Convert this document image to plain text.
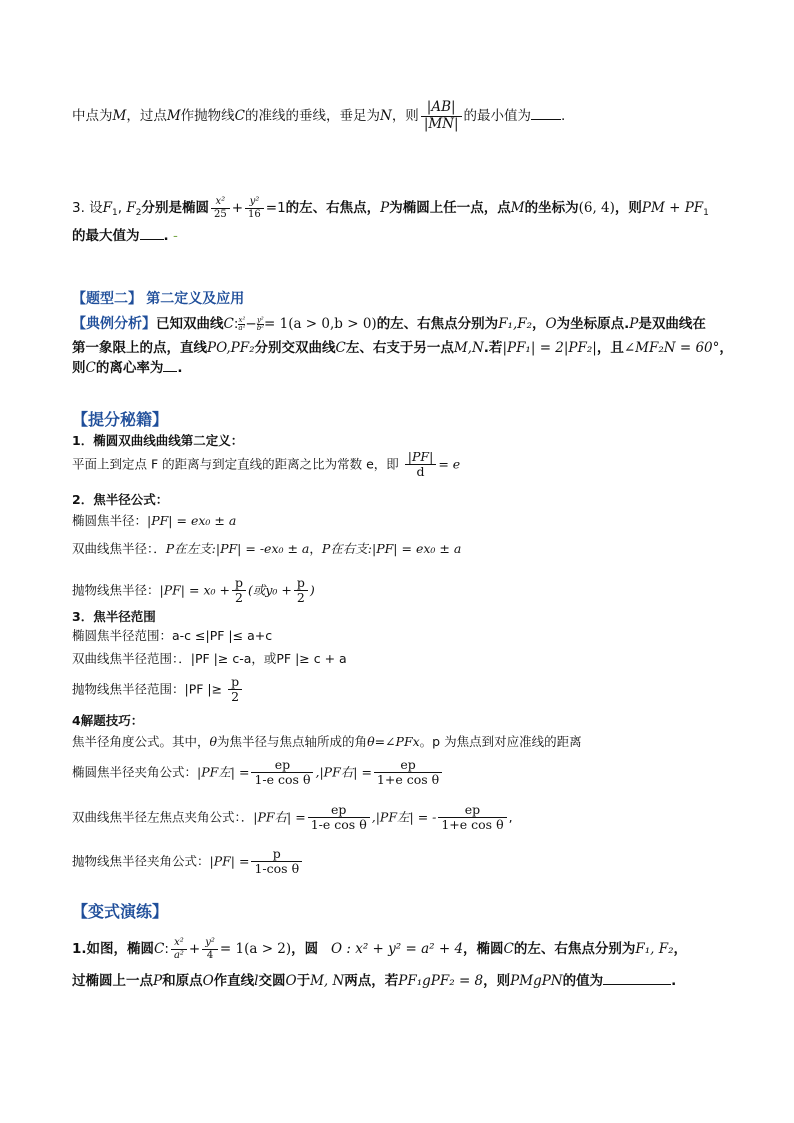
中点为M，过点M作抛物线C的准线的垂线，垂足为N，则 $\frac{|AB|}{|MN|}$ 的最小值为 .
3. 设$F_1$, $F_2$分别是椭圆 $\frac{\text{x²}}{25} + \frac{\text{y²}}{16} =1$的左、右焦点，P为椭圆上任一点，点M的坐标为(6, 4)，则PM + $PF_1$
的最大值为 . -
【题型二】 第二定义及应用
【典例分析】已知双曲线C: $\frac{\text{x²}}{\text{a²}} - \frac{\text{y²}}{\text{b²}} = 1(a > 0,b > 0)$的左、右焦点分别为F₁,F₂，O为坐标原点.P是双曲线在
第一象限上的点，直线PO,PF₂分别交双曲线C左、右支于另一点M,N.若|PF₁| = 2|PF₂|，且∠MF₂N = 60°，
则C的离心率为 .
【提分秘籍】
1．椭圆双曲线曲线第二定义：
平面上到定点 F 的距离与到定直线的距离之比为常数 e，即 $\frac{|PF|}{d} = e$
2．焦半径公式：
椭圆焦半径：|PF| = ex₀ ± a
双曲线焦半径：．P在左支:|PF| = -ex₀ ± a，P在右支:|PF| = ex₀ ± a
抛物线焦半径：$|PF| = x_0 + \frac{p}{2}$ (或$y_0 + \frac{p}{2}$ )
3．焦半径范围
椭圆焦半径范围：a-c ≤|PF |≤ a+c
双曲线焦半径范围：．|PF |≥ c-a，或PF |≥ c + a
抛物线焦半径范围：|PF |≥ $\frac{p}{2}$
4解题技巧：
焦半径角度公式。其中，θ为焦半径与焦点轴所成的角θ=∠PFx。p 为焦点到对应准线的距离
椭圆焦半径夹角公式：|PF左| = $\frac{ep}{\text{1-e cos θ}} ,|PF$右| = $\frac{ep}{\text{1+e cos θ}}$
双曲线焦半径左焦点夹角公式：．|PF右| = $\frac{ep}{\text{1-e cos θ}} ,|PF$左| = - $\frac{ep}{\text{1+e cos θ}}$ ,
抛物线焦半径夹角公式：$|PF| = \frac{p}{\text{1-cos θ}}$
【变式演练】
1.如图，椭圆C: $\frac{\text{x²}}{\text{a²}} + \frac{\text{y²}}{4} = 1(a > 2)$，圆 O : x² + y² = a² + 4，椭圆C的左、右焦点分别为F₁, F₂，
过椭圆上一点P和原点O作直线l交圆O于M, N两点，若PF₁gPF₂ = 8，则PMgPN的值为	.
